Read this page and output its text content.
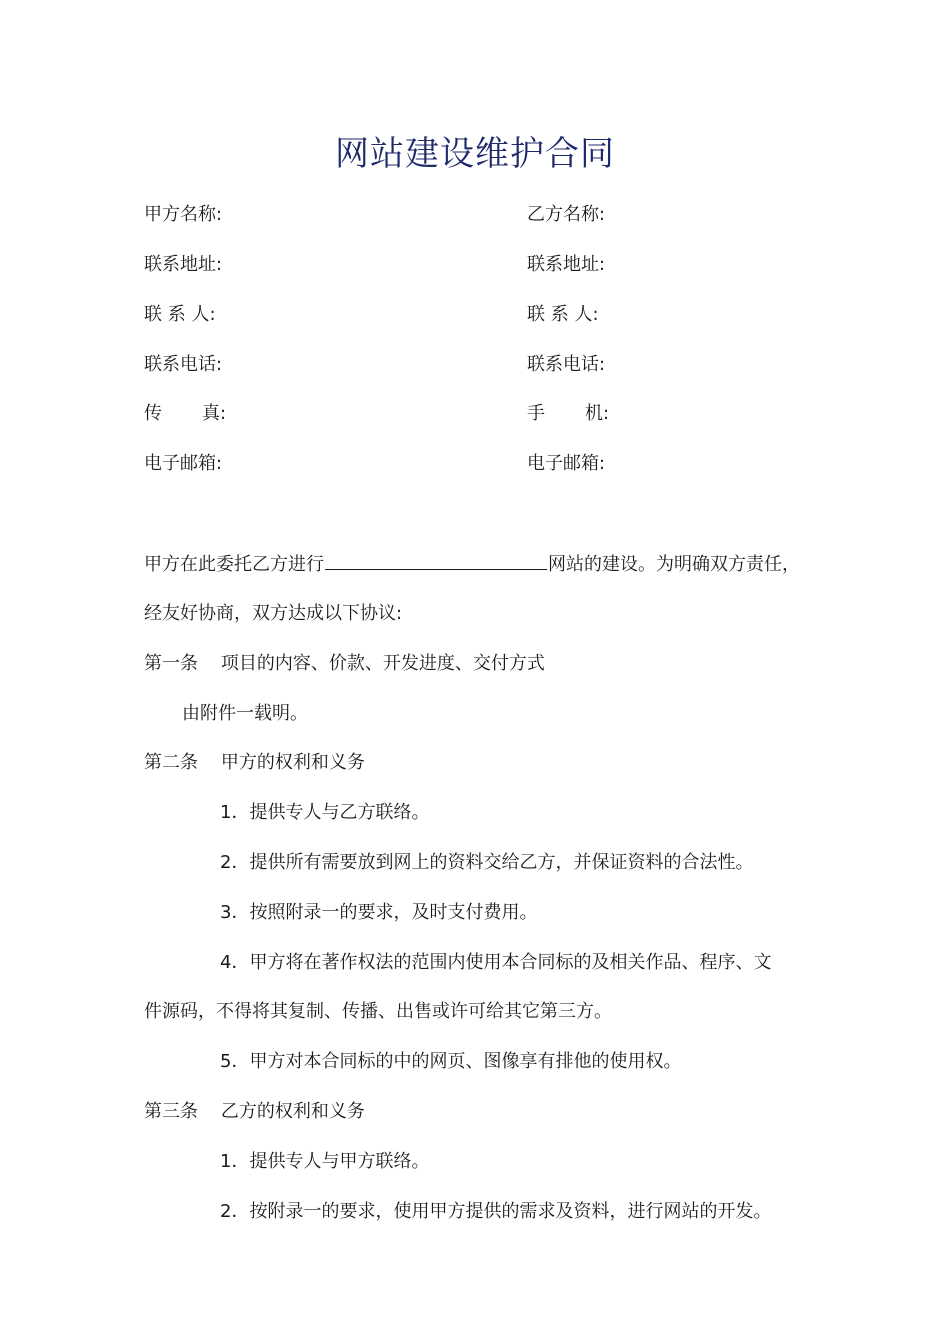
网站建设维护合同
甲方名称:
联系地址:
联 系 人:
联系电话:
传       真:
电子邮箱:
乙方名称:
联系地址:
联 系 人:
联系电话:
手       机:
电子邮箱:
甲方在此委托乙方进行	网站的建设。为明确双方责任，
经友好协商，双方达成以下协议:
第一条    项目的内容、价款、开发进度、交付方式
由附件一载明。
第二条    甲方的权利和义务
1．提供专人与乙方联络。
2．提供所有需要放到网上的资料交给乙方，并保证资料的合法性。
3．按照附录一的要求，及时支付费用。
4．甲方将在著作权法的范围内使用本合同标的及相关作品、程序、文
件源码，不得将其复制、传播、出售或许可给其它第三方。
5．甲方对本合同标的中的网页、图像享有排他的使用权。
第三条    乙方的权利和义务
1．提供专人与甲方联络。
2．按附录一的要求，使用甲方提供的需求及资料，进行网站的开发。
